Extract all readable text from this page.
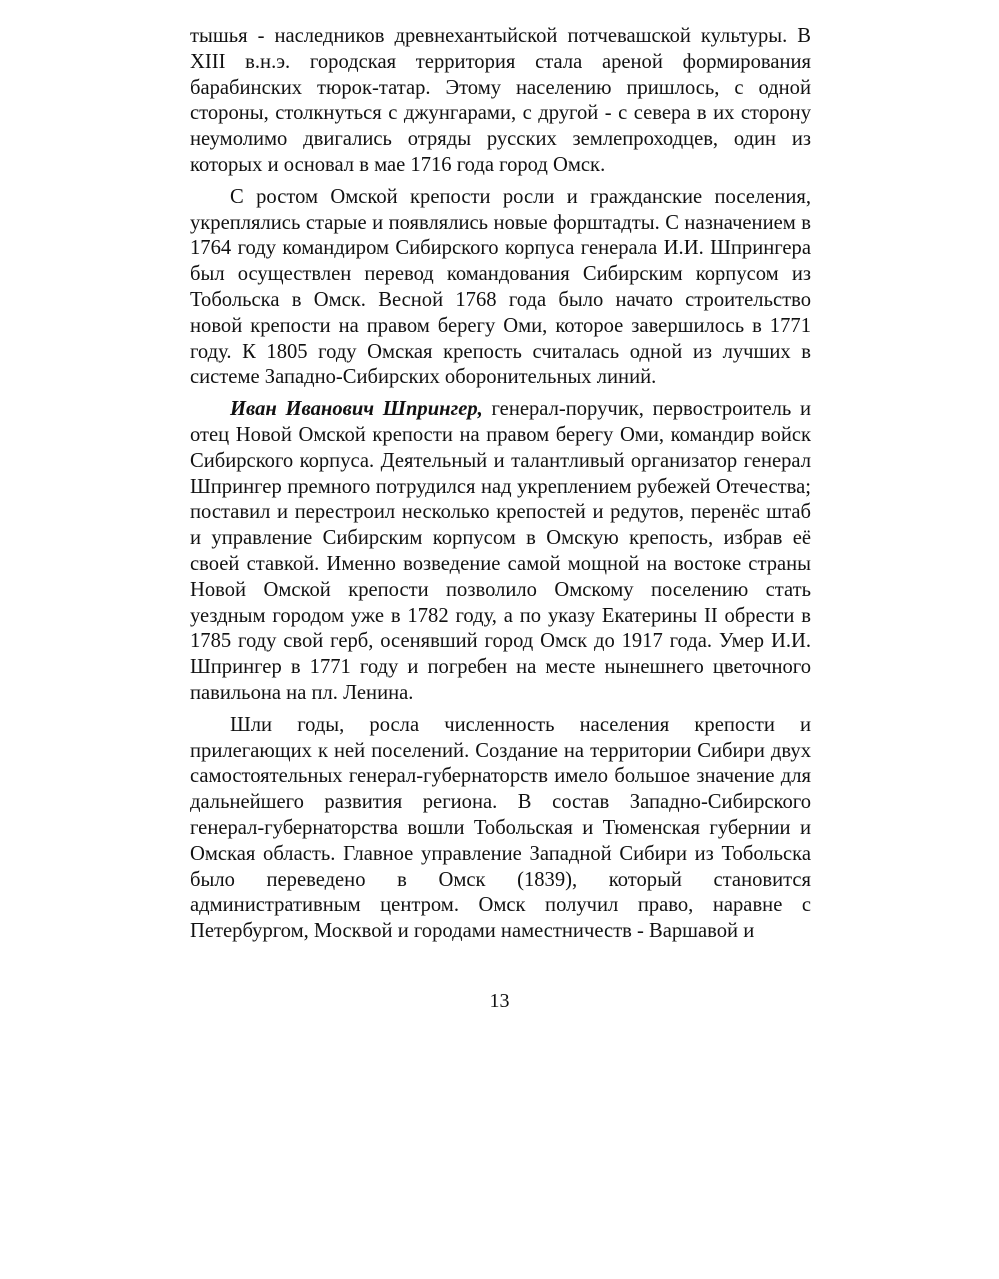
тышья - наследников древнехантыйской потчевашской культуры. В XIII в.н.э. городская территория стала ареной формирования барабинских тюрок-татар. Этому населению пришлось, с одной стороны, столкнуться с джунгарами, с другой - с севера в их сторону неумолимо двигались отряды русских землепроходцев, один из которых и основал в мае 1716 года город Омск.

С ростом Омской крепости росли и гражданские поселения, укреплялись старые и появлялись новые форштадты. С назначением в 1764 году командиром Сибирского корпуса генерала И.И. Шпрингера был осуществлен перевод командования Сибирским корпусом из Тобольска в Омск. Весной 1768 года было начато строительство новой крепости на правом берегу Оми, которое завершилось в 1771 году. К 1805 году Омская крепость считалась одной из лучших в системе Западно-Сибирских оборонительных линий.

Иван Иванович Шпрингер, генерал-поручик, первостроитель и отец Новой Омской крепости на правом берегу Оми, командир войск Сибирского корпуса. Деятельный и талантливый организатор генерал Шпрингер премного потрудился над укреплением рубежей Отечества; поставил и перестроил несколько крепостей и редутов, перенёс штаб и управление Сибирским корпусом в Омскую крепость, избрав её своей ставкой. Именно возведение самой мощной на востоке страны Новой Омской крепости позволило Омскому поселению стать уездным городом уже в 1782 году, а по указу Екатерины II обрести в 1785 году свой герб, осенявший город Омск до 1917 года. Умер И.И. Шпрингер в 1771 году и погребен на месте нынешнего цветочного павильона на пл. Ленина.

Шли годы, росла численность населения крепости и прилегающих к ней поселений. Создание на территории Сибири двух самостоятельных генерал-губернаторств имело большое значение для дальнейшего развития региона. В состав Западно-Сибирского генерал-губернаторства вошли Тобольская и Тюменская губернии и Омская область. Главное управление Западной Сибири из Тобольска было переведено в Омск (1839), который становится административным центром. Омск получил право, наравне с Петербургом, Москвой и городами наместничеств - Варшавой и

13
